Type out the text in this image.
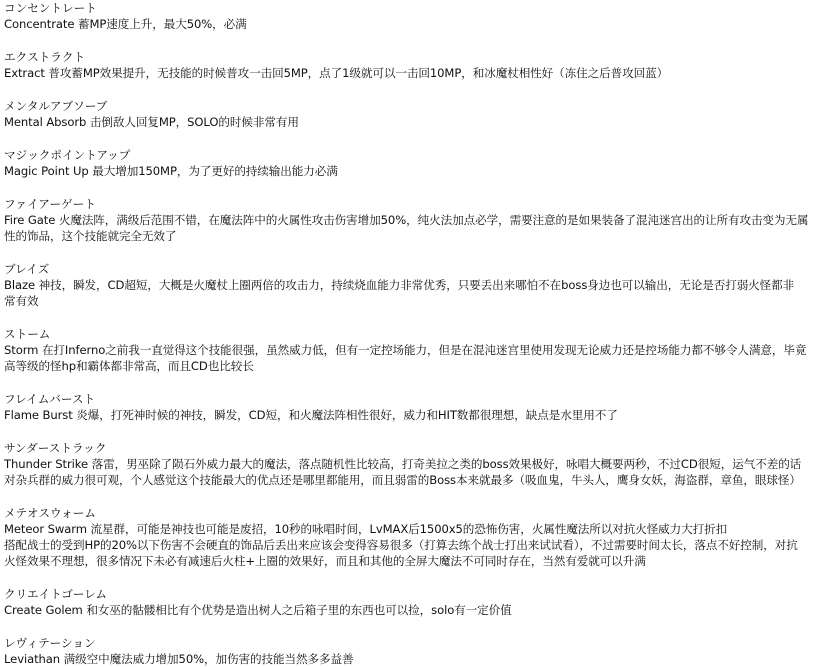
コンセントレート
Concentrate 蓄MP速度上升，最大50%，必满
エクストラクト
Extract 普攻蓄MP效果提升，无技能的时候普攻一击回5MP，点了1级就可以一击回10MP，和冰魔杖相性好（冻住之后普攻回蓝）
メンタルアブソーブ
Mental Absorb 击倒敌人回复MP，SOLO的时候非常有用
マジックポイントアップ
Magic Point Up 最大增加150MP，为了更好的持续输出能力必满
ファイアーゲート
Fire Gate 火魔法阵，满级后范围不错，在魔法阵中的火属性攻击伤害增加50%，纯火法加点必学，需要注意的是如果装备了混沌迷宫出的让所有攻击变为无属
性的饰品，这个技能就完全无效了
ブレイズ
Blaze 神技，瞬发，CD超短，大概是火魔杖上圈两倍的攻击力，持续烧血能力非常优秀，只要丢出来哪怕不在boss身边也可以输出，无论是否打弱火怪都非
常有效
ストーム
Storm 在打Inferno之前我一直觉得这个技能很强，虽然威力低，但有一定控场能力，但是在混沌迷宫里使用发现无论威力还是控场能力都不够令人满意，毕竟
高等级的怪hp和霸体都非常高，而且CD也比较长
フレイムバースト
Flame Burst 炎爆，打死神时候的神技，瞬发，CD短，和火魔法阵相性很好，威力和HIT数都很理想，缺点是水里用不了
サンダーストラック
Thunder Strike 落雷，男巫除了陨石外威力最大的魔法，落点随机性比较高，打奇美拉之类的boss效果极好，咏唱大概要两秒，不过CD很短，运气不差的话
对杂兵群的威力很可观，个人感觉这个技能最大的优点还是哪里都能用，而且弱雷的Boss本来就最多（吸血鬼，牛头人，鹰身女妖，海盗群，章鱼，眼球怪）
メテオスウォーム
Meteor Swarm 流星群，可能是神技也可能是废招，10秒的咏唱时间，LvMAX后1500x5的恐怖伤害，火属性魔法所以对抗火怪威力大打折扣
搭配战士的受到HP的20%以下伤害不会硬直的饰品后丢出来应该会变得容易很多（打算去练个战士打出来试试看），不过需要时间太长，落点不好控制，对抗
火怪效果不理想，很多情况下未必有减速后火柱+上圈的效果好，而且和其他的全屏大魔法不可同时存在，当然有爱就可以升满
クリエイトゴーレム
Create Golem 和女巫的骷髅相比有个优势是造出树人之后箱子里的东西也可以捡，solo有一定价值
レヴィテーション
Leviathan 满级空中魔法威力增加50%，加伤害的技能当然多多益善
